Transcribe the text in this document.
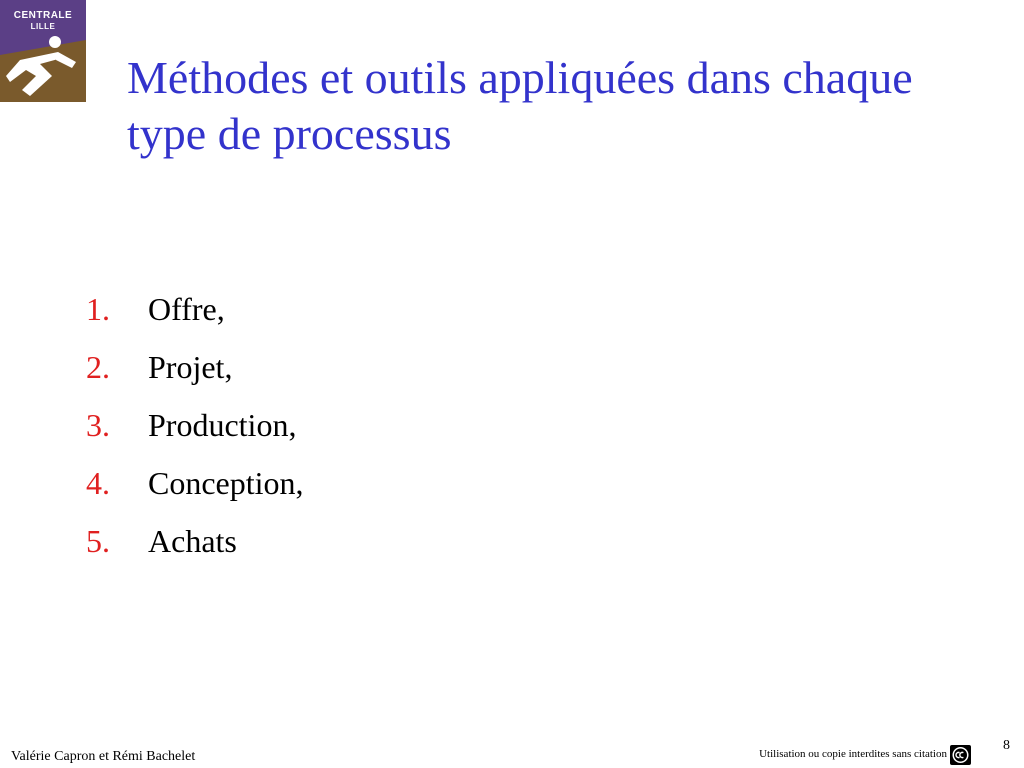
CENTRALE
LILLE
Méthodes et outils appliquées dans chaque type de processus
1.	Offre,
2.	Projet,
3.	Production,
4.	Conception,
5.	Achats
Valérie Capron et Rémi Bachelet	Utilisation ou copie interdites sans citation
8
